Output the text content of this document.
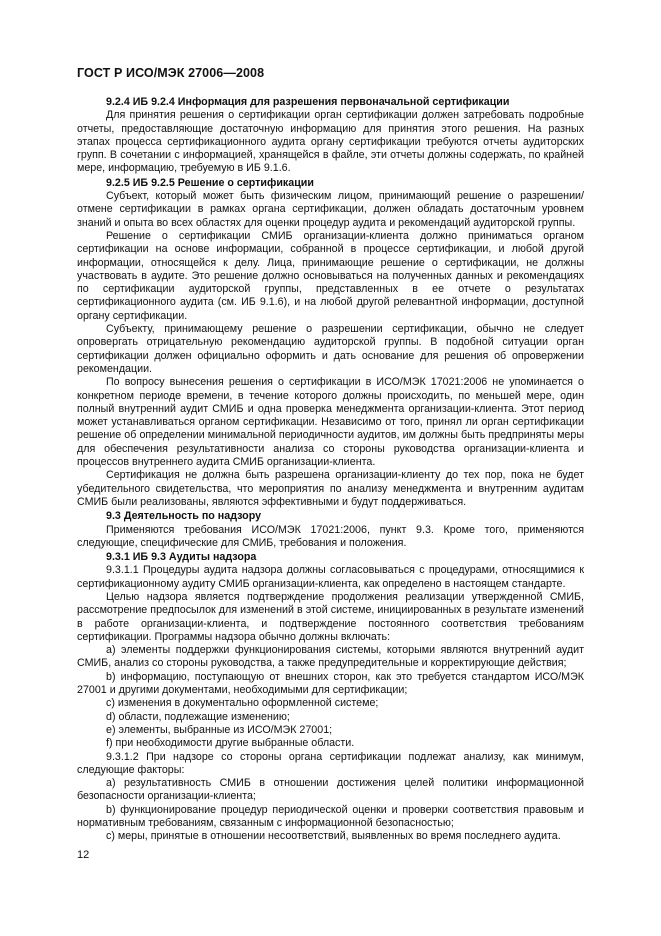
ГОСТ Р ИСО/МЭК 27006—2008
9.2.4 ИБ 9.2.4 Информация для разрешения первоначальной сертификации

Для принятия решения о сертификации орган сертификации должен затребовать подробные отчеты, предоставляющие достаточную информацию для принятия этого решения. На разных этапах процесса сертификационного аудита органу сертификации требуются отчеты аудиторских групп. В сочетании с информацией, хранящейся в файле, эти отчеты должны содержать, по крайней мере, информацию, требуемую в ИБ 9.1.6.

9.2.5 ИБ 9.2.5 Решение о сертификации

Субъект, который может быть физическим лицом, принимающий решение о разрешении/отмене сертификации в рамках органа сертификации, должен обладать достаточным уровнем знаний и опыта во всех областях для оценки процедур аудита и рекомендаций аудиторской группы.

Решение о сертификации СМИБ организации-клиента должно приниматься органом сертификации на основе информации, собранной в процессе сертификации, и любой другой информации, относящейся к делу. Лица, принимающие решение о сертификации, не должны участвовать в аудите. Это решение должно основываться на полученных данных и рекомендациях по сертификации аудиторской группы, представленных в ее отчете о результатах сертификационного аудита (см. ИБ 9.1.6), и на любой другой релевантной информации, доступной органу сертификации.

Субъекту, принимающему решение о разрешении сертификации, обычно не следует опровергать отрицательную рекомендацию аудиторской группы. В подобной ситуации орган сертификации должен официально оформить и дать основание для решения об опровержении рекомендации.

По вопросу вынесения решения о сертификации в ИСО/МЭК 17021:2006 не упоминается о конкретном периоде времени, в течение которого должны происходить, по меньшей мере, один полный внутренний аудит СМИБ и одна проверка менеджмента организации-клиента. Этот период может устанавливаться органом сертификации. Независимо от того, принял ли орган сертификации решение об определении минимальной периодичности аудитов, им должны быть предприняты меры для обеспечения результативности анализа со стороны руководства организации-клиента и процессов внутреннего аудита СМИБ организации-клиента.

Сертификация не должна быть разрешена организации-клиенту до тех пор, пока не будет убедительного свидетельства, что мероприятия по анализу менеджмента и внутренним аудитам СМИБ были реализованы, являются эффективными и будут поддерживаться.

9.3 Деятельность по надзору

Применяются требования ИСО/МЭК 17021:2006, пункт 9.3. Кроме того, применяются следующие, специфические для СМИБ, требования и положения.

9.3.1 ИБ 9.3 Аудиты надзора

9.3.1.1 Процедуры аудита надзора должны согласовываться с процедурами, относящимися к сертификационному аудиту СМИБ организации-клиента, как определено в настоящем стандарте.

Целью надзора является подтверждение продолжения реализации утвержденной СМИБ, рассмотрение предпосылок для изменений в этой системе, инициированных в результате изменений в работе организации-клиента, и подтверждение постоянного соответствия требованиям сертификации. Программы надзора обычно должны включать:

а) элементы поддержки функционирования системы, которыми являются внутренний аудит СМИБ, анализ со стороны руководства, а также предупредительные и корректирующие действия;

b) информацию, поступающую от внешних сторон, как это требуется стандартом ИСО/МЭК 27001 и другими документами, необходимыми для сертификации;

c) изменения в документально оформленной системе;

d) области, подлежащие изменению;

е) элементы, выбранные из ИСО/МЭК 27001;

f) при необходимости другие выбранные области.

9.3.1.2 При надзоре со стороны органа сертификации подлежат анализу, как минимум, следующие факторы:

а) результативность СМИБ в отношении достижения целей политики информационной безопасности организации-клиента;

b) функционирование процедур периодической оценки и проверки соответствия правовым и нормативным требованиям, связанным с информационной безопасностью;

c) меры, принятые в отношении несоответствий, выявленных во время последнего аудита.

12
